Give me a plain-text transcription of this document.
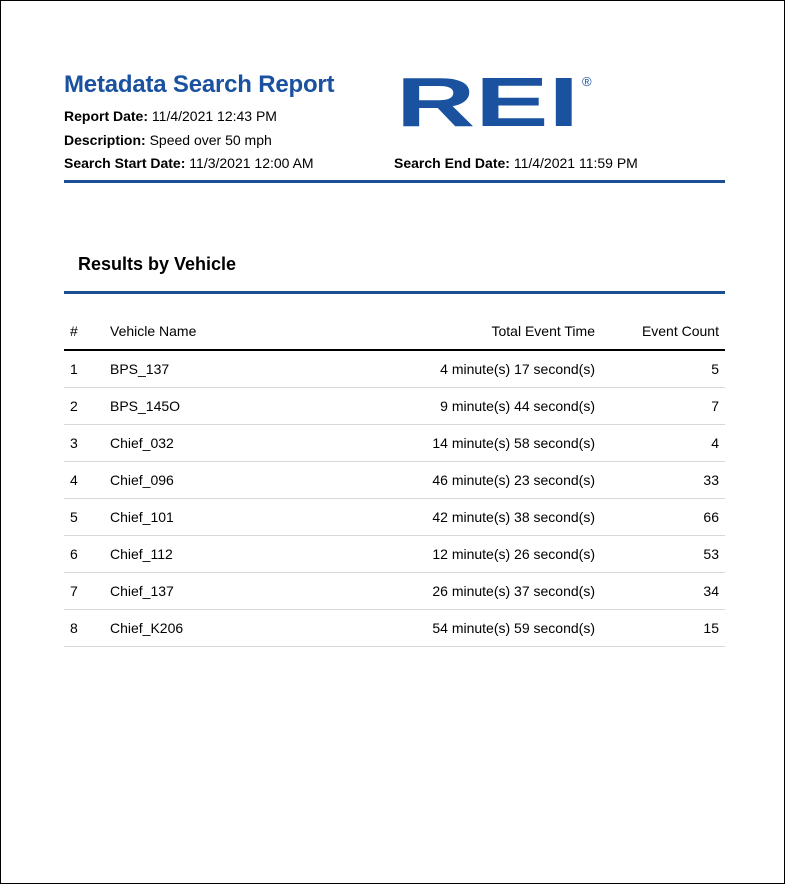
Metadata Search Report
Report Date: 11/4/2021 12:43 PM
Description: Speed over 50 mph
Search Start Date: 11/3/2021 12:00 AM	Search End Date: 11/4/2021 11:59 PM
REI ®
Results by Vehicle
#	Vehicle Name	Total Event Time	Event Count
1	BPS_137	4 minute(s) 17 second(s)	5
2	BPS_145O	9 minute(s) 44 second(s)	7
3	Chief_032	14 minute(s) 58 second(s)	4
4	Chief_096	46 minute(s) 23 second(s)	33
5	Chief_101	42 minute(s) 38 second(s)	66
6	Chief_112	12 minute(s) 26 second(s)	53
7	Chief_137	26 minute(s) 37 second(s)	34
8	Chief_K206	54 minute(s) 59 second(s)	15
